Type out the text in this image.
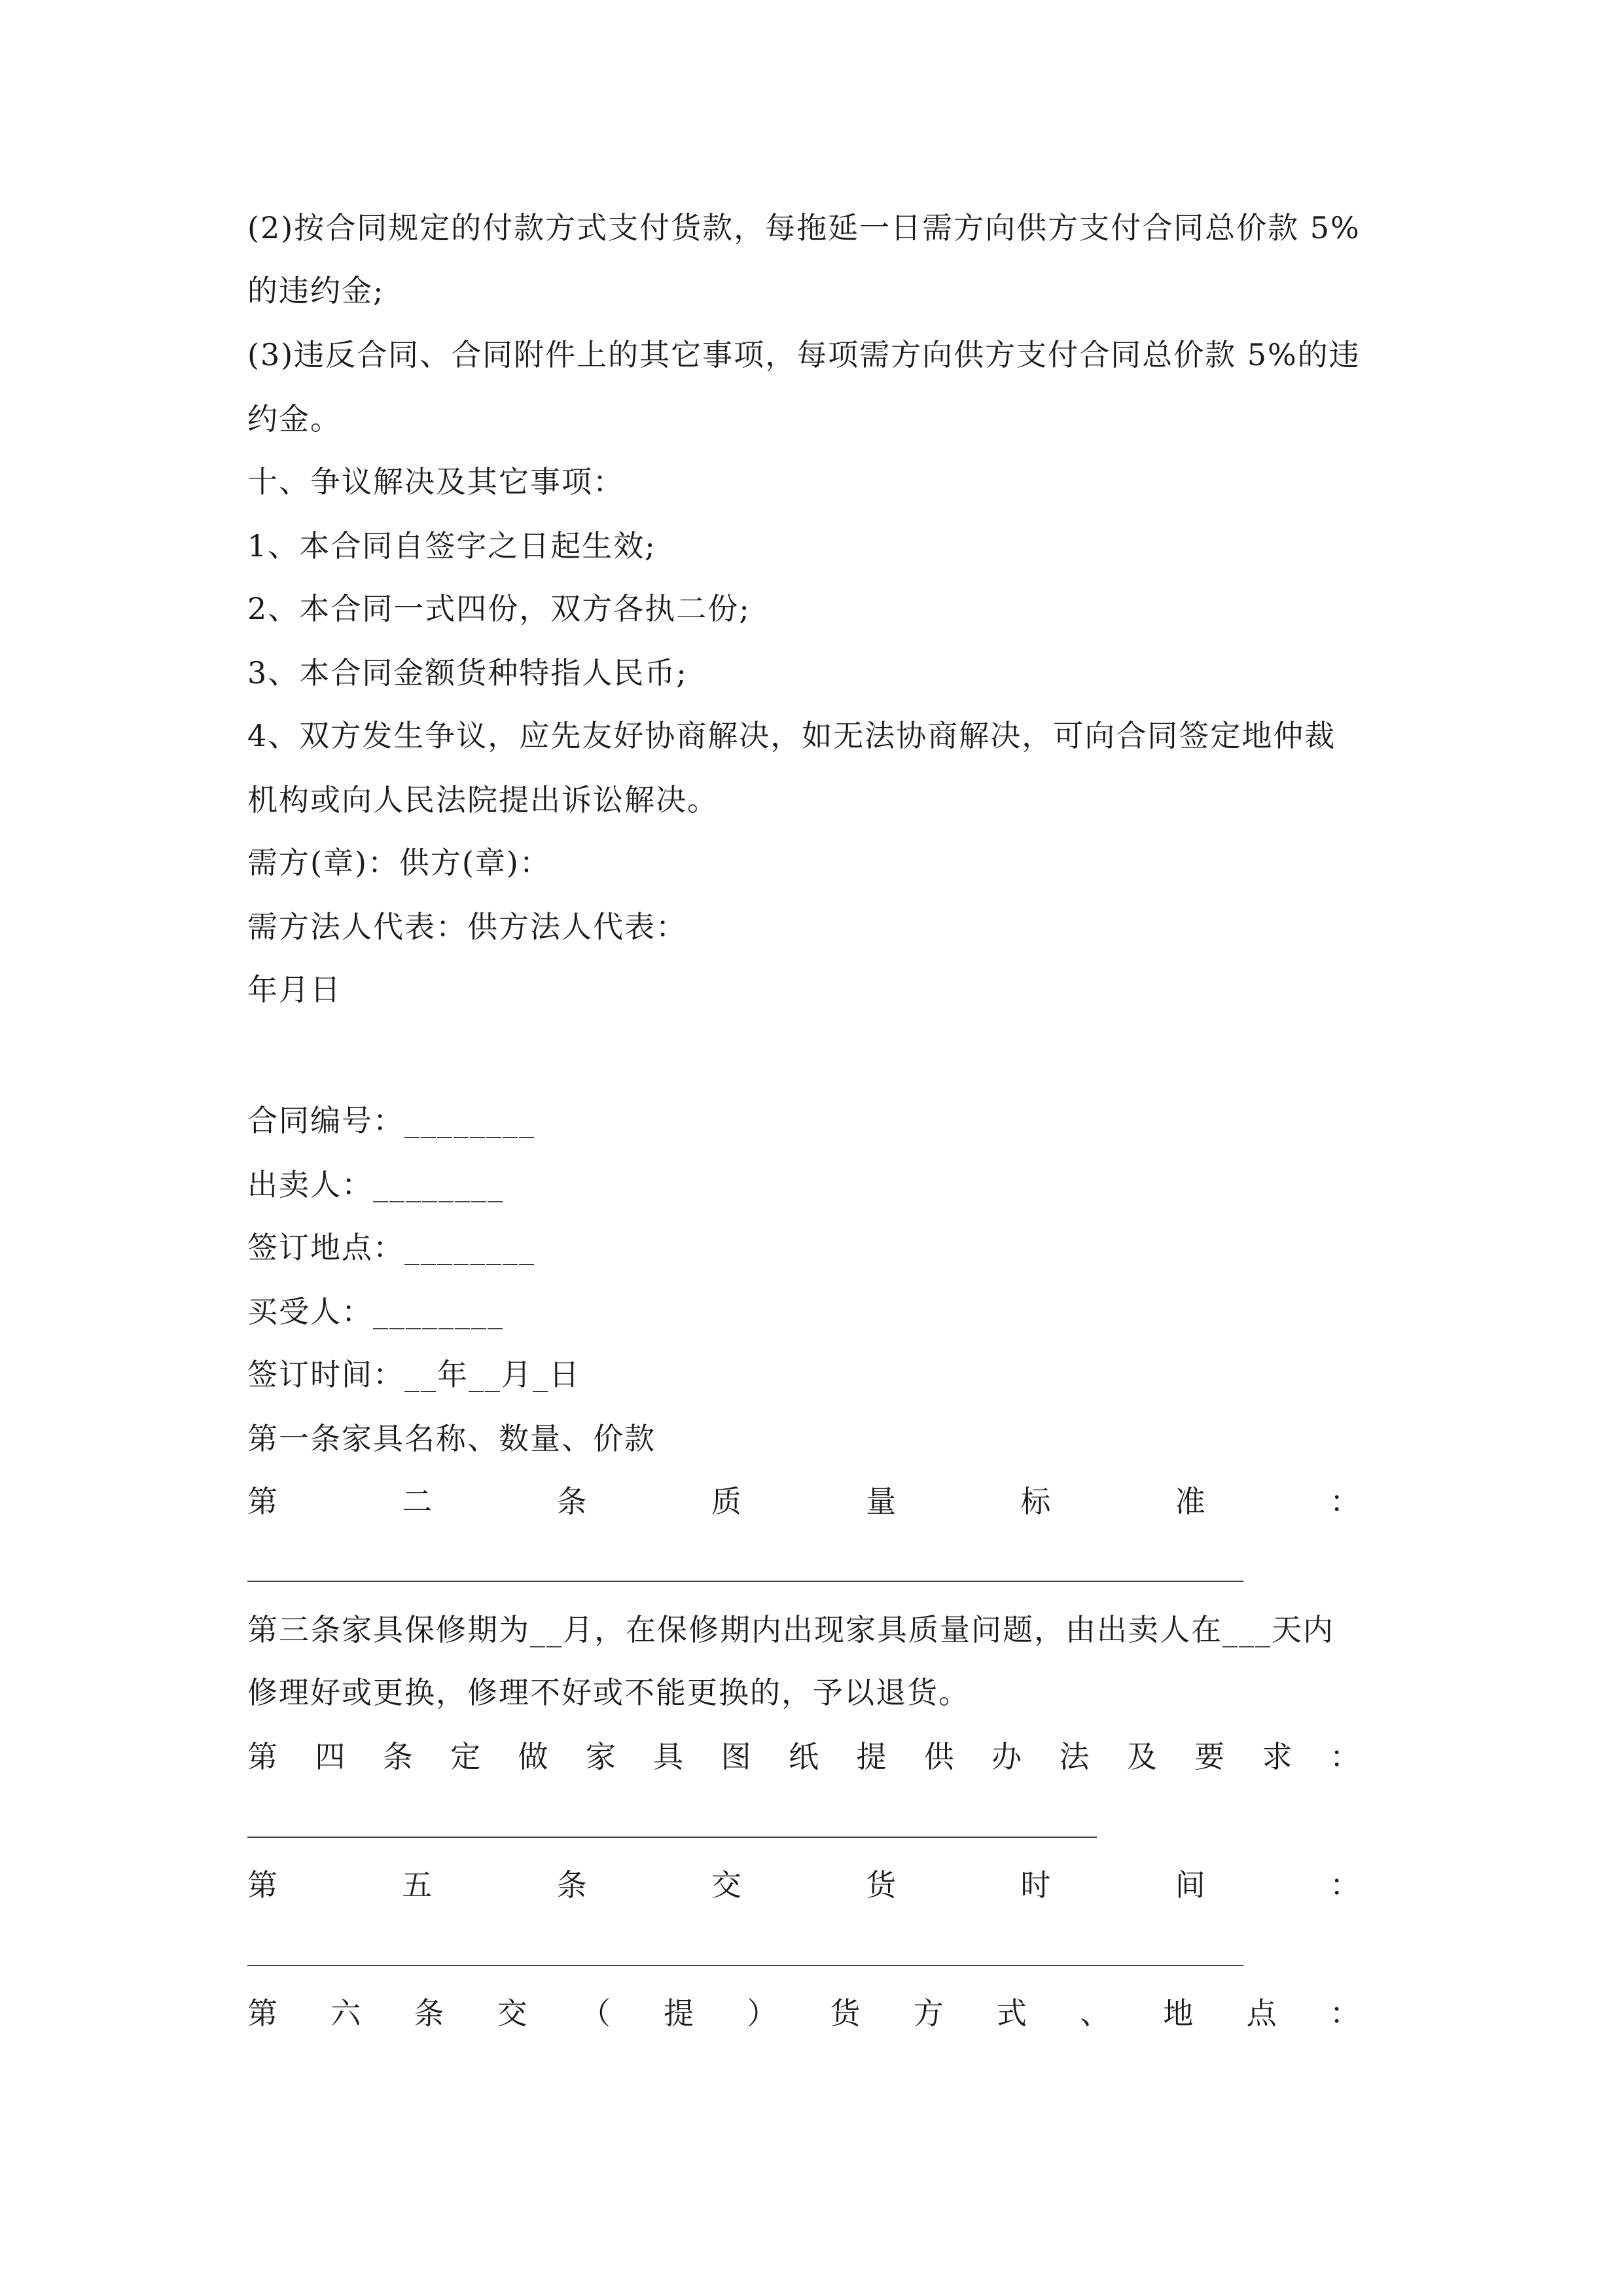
(2)按合同规定的付款方式支付货款，每拖延一日需方向供方支付合同总价款 5%

的违约金;

(3)违反合同、合同附件上的其它事项，每项需方向供方支付合同总价款 5%的违

约金。

十、争议解决及其它事项：

1、本合同自签字之日起生效;

2、本合同一式四份，双方各执二份;

3、本合同金额货种特指人民币;

4、双方发生争议，应先友好协商解决，如无法协商解决，可向合同签定地仲裁

机构或向人民法院提出诉讼解决。

需方(章)：供方(章)：

需方法人代表：供方法人代表：

年月日

合同编号：________

出卖人：________

签订地点：________

买受人：________

签订时间：__年__月_日

第一条家具名称、数量、价款

第	二	条	质	量	标	准	：

第三条家具保修期为__月，在保修期内出现家具质量问题，由出卖人在___天内

修理好或更换，修理不好或不能更换的，予以退货。

第 四 条 定 做 家 具 图 纸 提 供 办 法 及 要 求 ：
第	五	条	交	货	时	间	：
第 六 条 交 （ 提 ） 货 方 式 、 地 点 ：
